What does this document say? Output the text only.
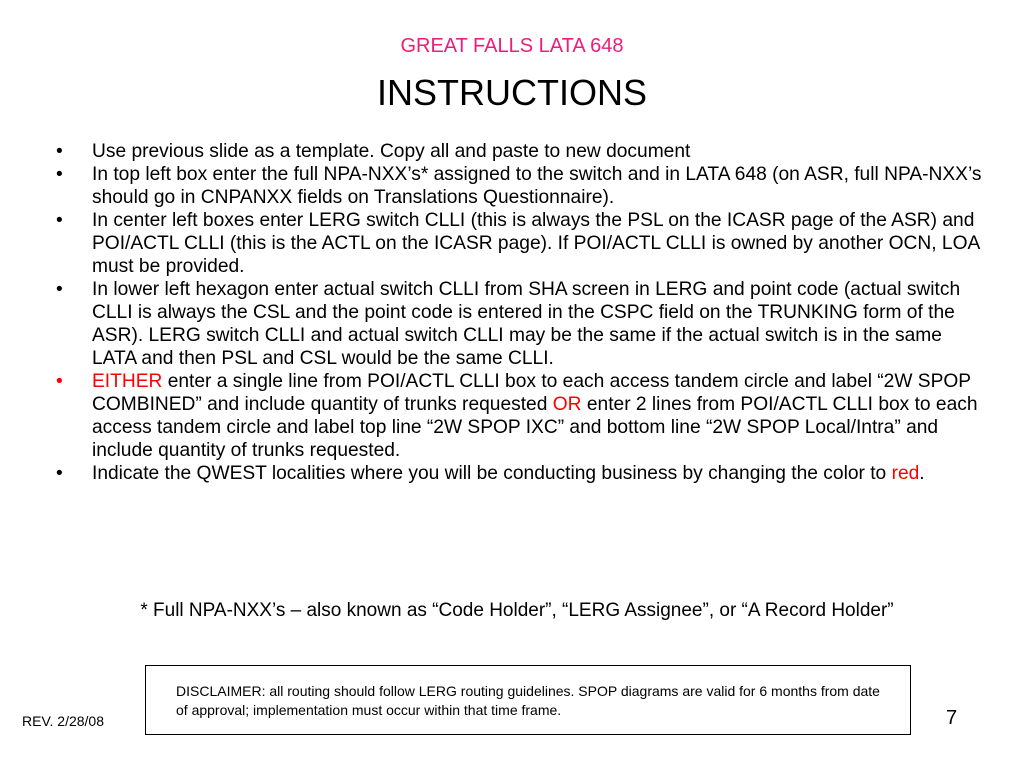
GREAT FALLS LATA 648
INSTRUCTIONS
• Use previous slide as a template. Copy all and paste to new document
• In top left box enter the full NPA-NXX’s* assigned to the switch and in LATA 648 (on ASR, full NPA-NXX’s should go in CNPANXX fields on Translations Questionnaire).
• In center left boxes enter LERG switch CLLI (this is always the PSL on the ICASR page of the ASR) and POI/ACTL CLLI (this is the ACTL on the ICASR page). If POI/ACTL CLLI is owned by another OCN, LOA must be provided.
• In lower left hexagon enter actual switch CLLI from SHA screen in LERG and point code (actual switch CLLI is always the CSL and the point code is entered in the CSPC field on the TRUNKING form of the ASR). LERG switch CLLI and actual switch CLLI may be the same if the actual switch is in the same LATA and then PSL and CSL would be the same CLLI.
• EITHER enter a single line from POI/ACTL CLLI box to each access tandem circle and label “2W SPOP COMBINED” and include quantity of trunks requested OR enter 2 lines from POI/ACTL CLLI box to each access tandem circle and label top line “2W SPOP IXC” and bottom line “2W SPOP Local/Intra” and include quantity of trunks requested.
• Indicate the QWEST localities where you will be conducting business by changing the color to red.
* Full NPA-NXX’s – also known as “Code Holder”, “LERG Assignee”, or “A Record Holder”
DISCLAIMER: all routing should follow LERG routing guidelines. SPOP diagrams are valid for 6 months from date of approval; implementation must occur within that time frame.
REV. 2/28/08	7
